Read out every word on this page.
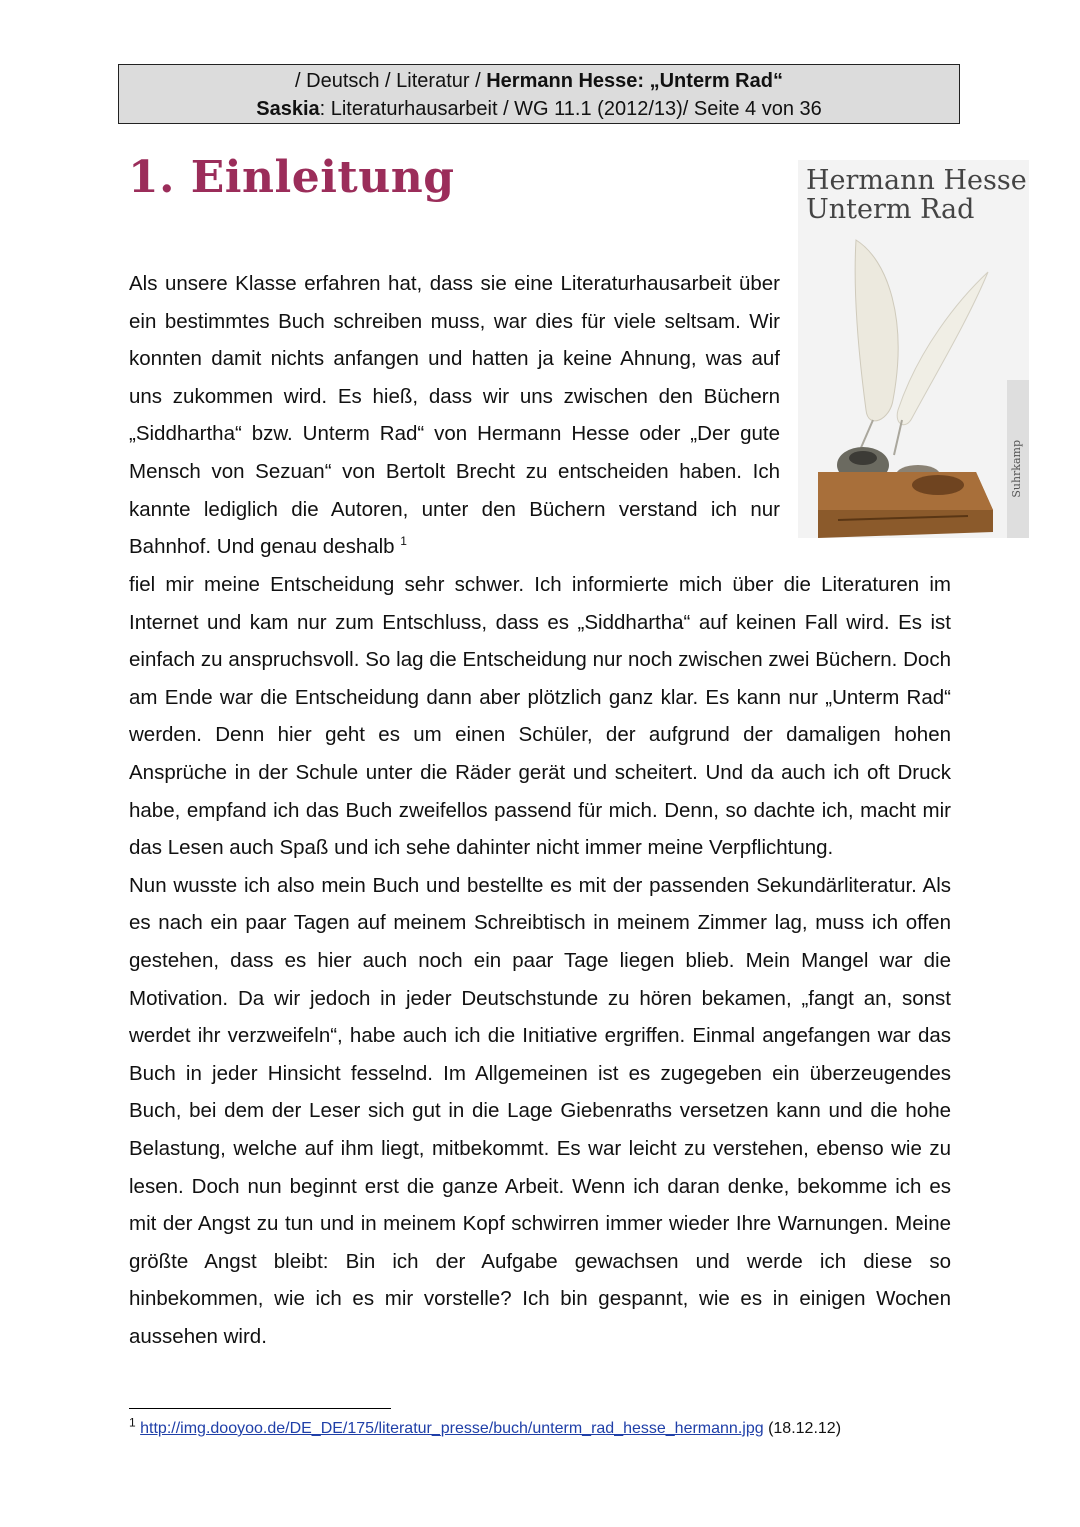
/ Deutsch / Literatur / Hermann Hesse: „Unterm Rad“
Saskia: Literaturhausarbeit / WG 11.1 (2012/13)/ Seite 4 von 36
1. Einleitung	Hermann Hesse
Unterm Rad
Suhrkamp

Als unsere Klasse erfahren hat, dass sie eine Literaturhausarbeit über ein bestimmtes Buch schreiben muss, war dies für viele seltsam. Wir konnten damit nichts anfangen und hatten ja keine Ahnung, was auf uns zukommen wird. Es hieß, dass wir uns zwischen den Büchern „Siddhartha“ bzw. Unterm Rad“ von Hermann Hesse oder „Der gute Mensch von Sezuan“ von Bertolt Brecht zu entscheiden haben. Ich kannte lediglich die Autoren, unter den Büchern verstand ich nur Bahnhof. Und genau deshalb $^1$

fiel mir meine Entscheidung sehr schwer. Ich informierte mich über die Literaturen im Internet und kam nur zum Entschluss, dass es „Siddhartha“ auf keinen Fall wird. Es ist einfach zu anspruchsvoll. So lag die Entscheidung nur noch zwischen zwei Büchern. Doch am Ende war die Entscheidung dann aber plötzlich ganz klar. Es kann nur „Unterm Rad“ werden. Denn hier geht es um einen Schüler, der aufgrund der damaligen hohen Ansprüche in der Schule unter die Räder gerät und scheitert. Und da auch ich oft Druck habe, empfand ich das Buch zweifellos passend für mich. Denn, so dachte ich, macht mir das Lesen auch Spaß und ich sehe dahinter nicht immer meine Verpflichtung.
Nun wusste ich also mein Buch und bestellte es mit der passenden Sekundärliteratur. Als es nach ein paar Tagen auf meinem Schreibtisch in meinem Zimmer lag, muss ich offen gestehen, dass es hier auch noch ein paar Tage liegen blieb. Mein Mangel war die Motivation. Da wir jedoch in jeder Deutschstunde zu hören bekamen, „fangt an, sonst werdet ihr verzweifeln“, habe auch ich die Initiative ergriffen. Einmal angefangen war das Buch in jeder Hinsicht fesselnd. Im Allgemeinen ist es zugegeben ein überzeugendes Buch, bei dem der Leser sich gut in die Lage Giebenraths versetzen kann und die hohe Belastung, welche auf ihm liegt, mitbekommt. Es war leicht zu verstehen, ebenso wie zu lesen. Doch nun beginnt erst die ganze Arbeit. Wenn ich daran denke, bekomme ich es mit der Angst zu tun und in meinem Kopf schwirren immer wieder Ihre Warnungen. Meine größte Angst bleibt: Bin ich der Aufgabe gewachsen und werde ich diese so hinbekommen, wie ich es mir vorstelle? Ich bin gespannt, wie es in einigen Wochen aussehen wird.
$^1$ http://img.dooyoo.de/DE_DE/175/literatur_presse/buch/unterm_rad_hesse_hermann.jpg (18.12.12)
